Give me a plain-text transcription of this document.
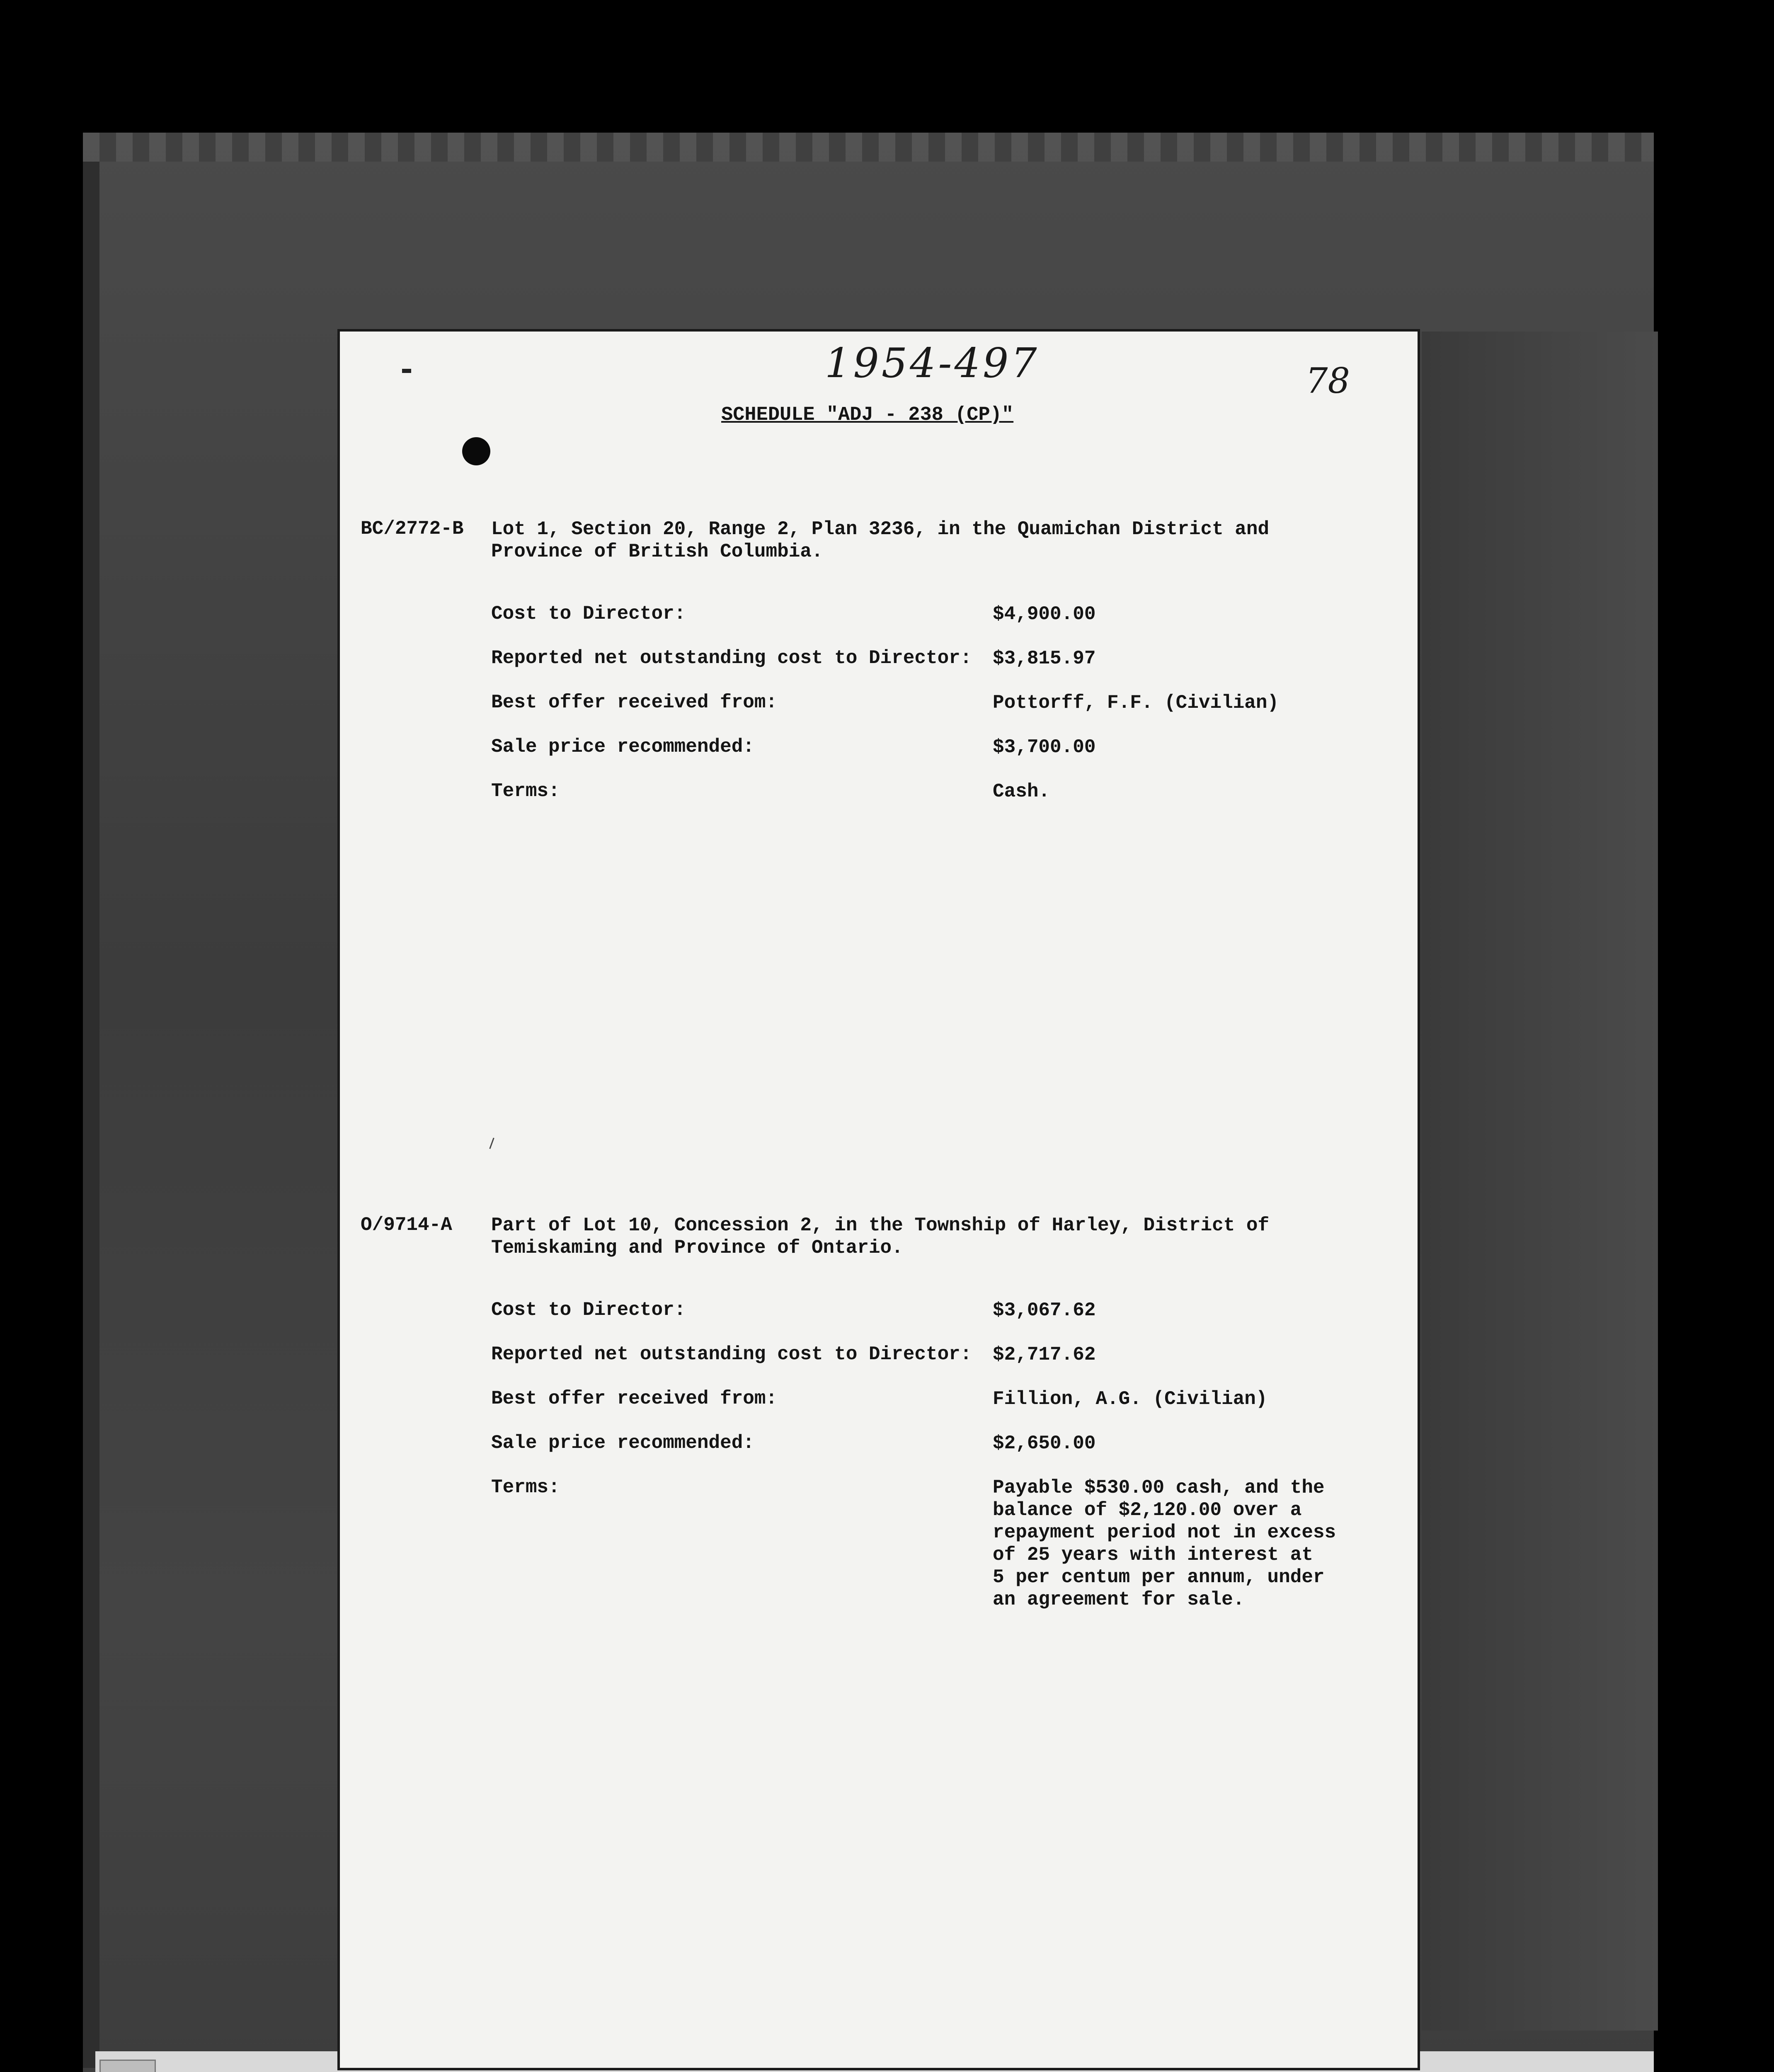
1954-497	78
SCHEDULE "ADJ - 238 (CP)"
BC/2772-B Lot 1, Section 20, Range 2, Plan 3236, in the Quamichan District and
Province of British Columbia.
Cost to Director:	$4,900.00
Reported net outstanding cost to Director: $3,815.97
Best offer received from:	Pottorff, F.F. (Civilian)
Sale price recommended:	$3,700.00
Terms:	Cash.
O/9714-A Part of Lot 10, Concession 2, in the Township of Harley, District of
Temiskaming and Province of Ontario.
Cost to Director:	$3,067.62
Reported net outstanding cost to Director: $2,717.62
Best offer received from:	Fillion, A.G. (Civilian)
Sale price recommended:	$2,650.00
Terms:	Payable $530.00 cash, and the
balance of $2,120.00 over a
repayment period not in excess
of 25 years with interest at
5 per centum per annum, under
an agreement for sale.
